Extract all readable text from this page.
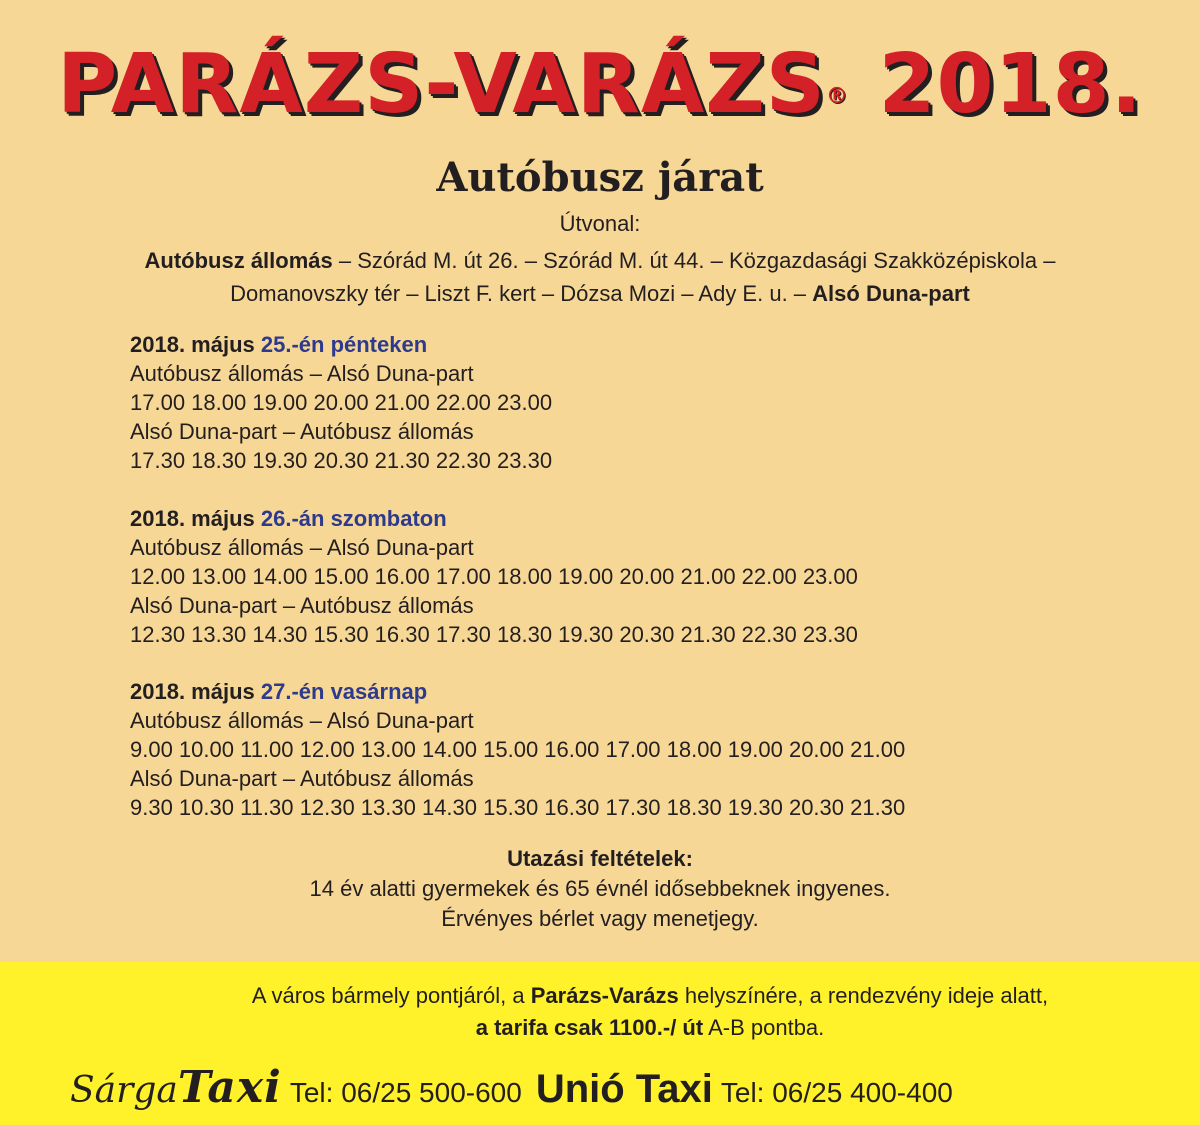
PARÁZS-VARÁZS® 2018.
Autóbusz járat
Útvonal:
Autóbusz állomás – Szórád M. út 26. – Szórád M. út 44. – Közgazdasági Szakközépiskola –
Domanovszky tér – Liszt F. kert – Dózsa Mozi – Ady E. u. – Alsó Duna-part
2018. május 25.-én pénteken
Autóbusz állomás – Alsó Duna-part
17.00 18.00 19.00 20.00 21.00 22.00 23.00
Alsó Duna-part – Autóbusz állomás
17.30 18.30 19.30 20.30 21.30 22.30 23.30
2018. május 26.-án szombaton
Autóbusz állomás – Alsó Duna-part
12.00 13.00 14.00 15.00 16.00 17.00 18.00 19.00 20.00 21.00 22.00 23.00
Alsó Duna-part – Autóbusz állomás
12.30 13.30 14.30 15.30 16.30 17.30 18.30 19.30 20.30 21.30 22.30 23.30
2018. május 27.-én vasárnap
Autóbusz állomás – Alsó Duna-part
9.00 10.00 11.00 12.00 13.00 14.00 15.00 16.00 17.00 18.00 19.00 20.00 21.00
Alsó Duna-part – Autóbusz állomás
9.30 10.30 11.30 12.30 13.30 14.30 15.30 16.30 17.30 18.30 19.30 20.30 21.30
Utazási feltételek:
14 év alatti gyermekek és 65 évnél idősebbeknek ingyenes.
Érvényes bérlet vagy menetjegy.
A város bármely pontjáról, a Parázs-Varázs helyszínére, a rendezvény ideje alatt,
a tarifa csak 1100.-/ út A-B pontba.
SárgaTaxi Tel: 06/25 500-600 Unió Taxi Tel: 06/25 400-400
